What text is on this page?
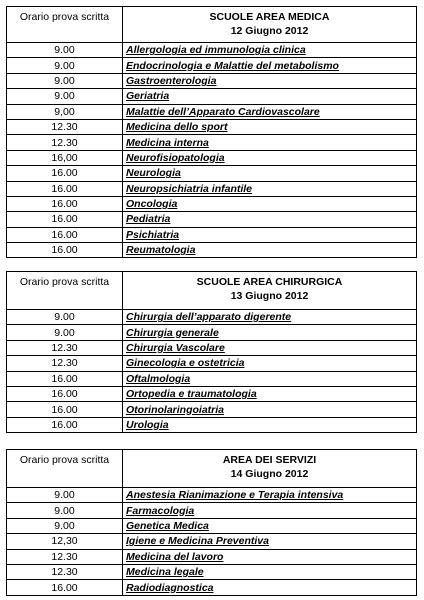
Orario prova scritta	SCUOLE AREA MEDICA
12 Giugno 2012

9.00	Allergologia ed immunologia clinica
9.00	Endocrinologia e Malattie del metabolismo
9.00	Gastroenterologia
9.00	Geriatria
9,00	Malattie dell’Apparato Cardiovascolare
12.30	Medicina dello sport
12.30	Medicina interna
16,00	Neurofisiopatologia
16.00	Neurologia
16.00	Neuropsichiatria infantile
16.00	Oncologia
16.00	Pediatria
16.00	Psichiatria
16.00	Reumatologia
Orario prova scritta	SCUOLE AREA CHIRURGICA
13 Giugno 2012

9.00	Chirurgia dell’apparato digerente
9.00	Chirurgia generale
12.30	Chirurgia Vascolare
12.30	Ginecologia e ostetricia
16.00	Oftalmologia
16.00	Ortopedia e traumatologia
16.00	Otorinolaringoiatria
16.00	Urologia
Orario prova scritta	AREA DEI SERVIZI
14 Giugno 2012

9.00	Anestesia Rianimazione e Terapia intensiva
9.00	Farmacologia
9.00	Genetica Medica
12,30	Igiene e Medicina Preventiva
12.30	Medicina del lavoro
12.30	Medicina legale
16.00	Radiodiagnostica
